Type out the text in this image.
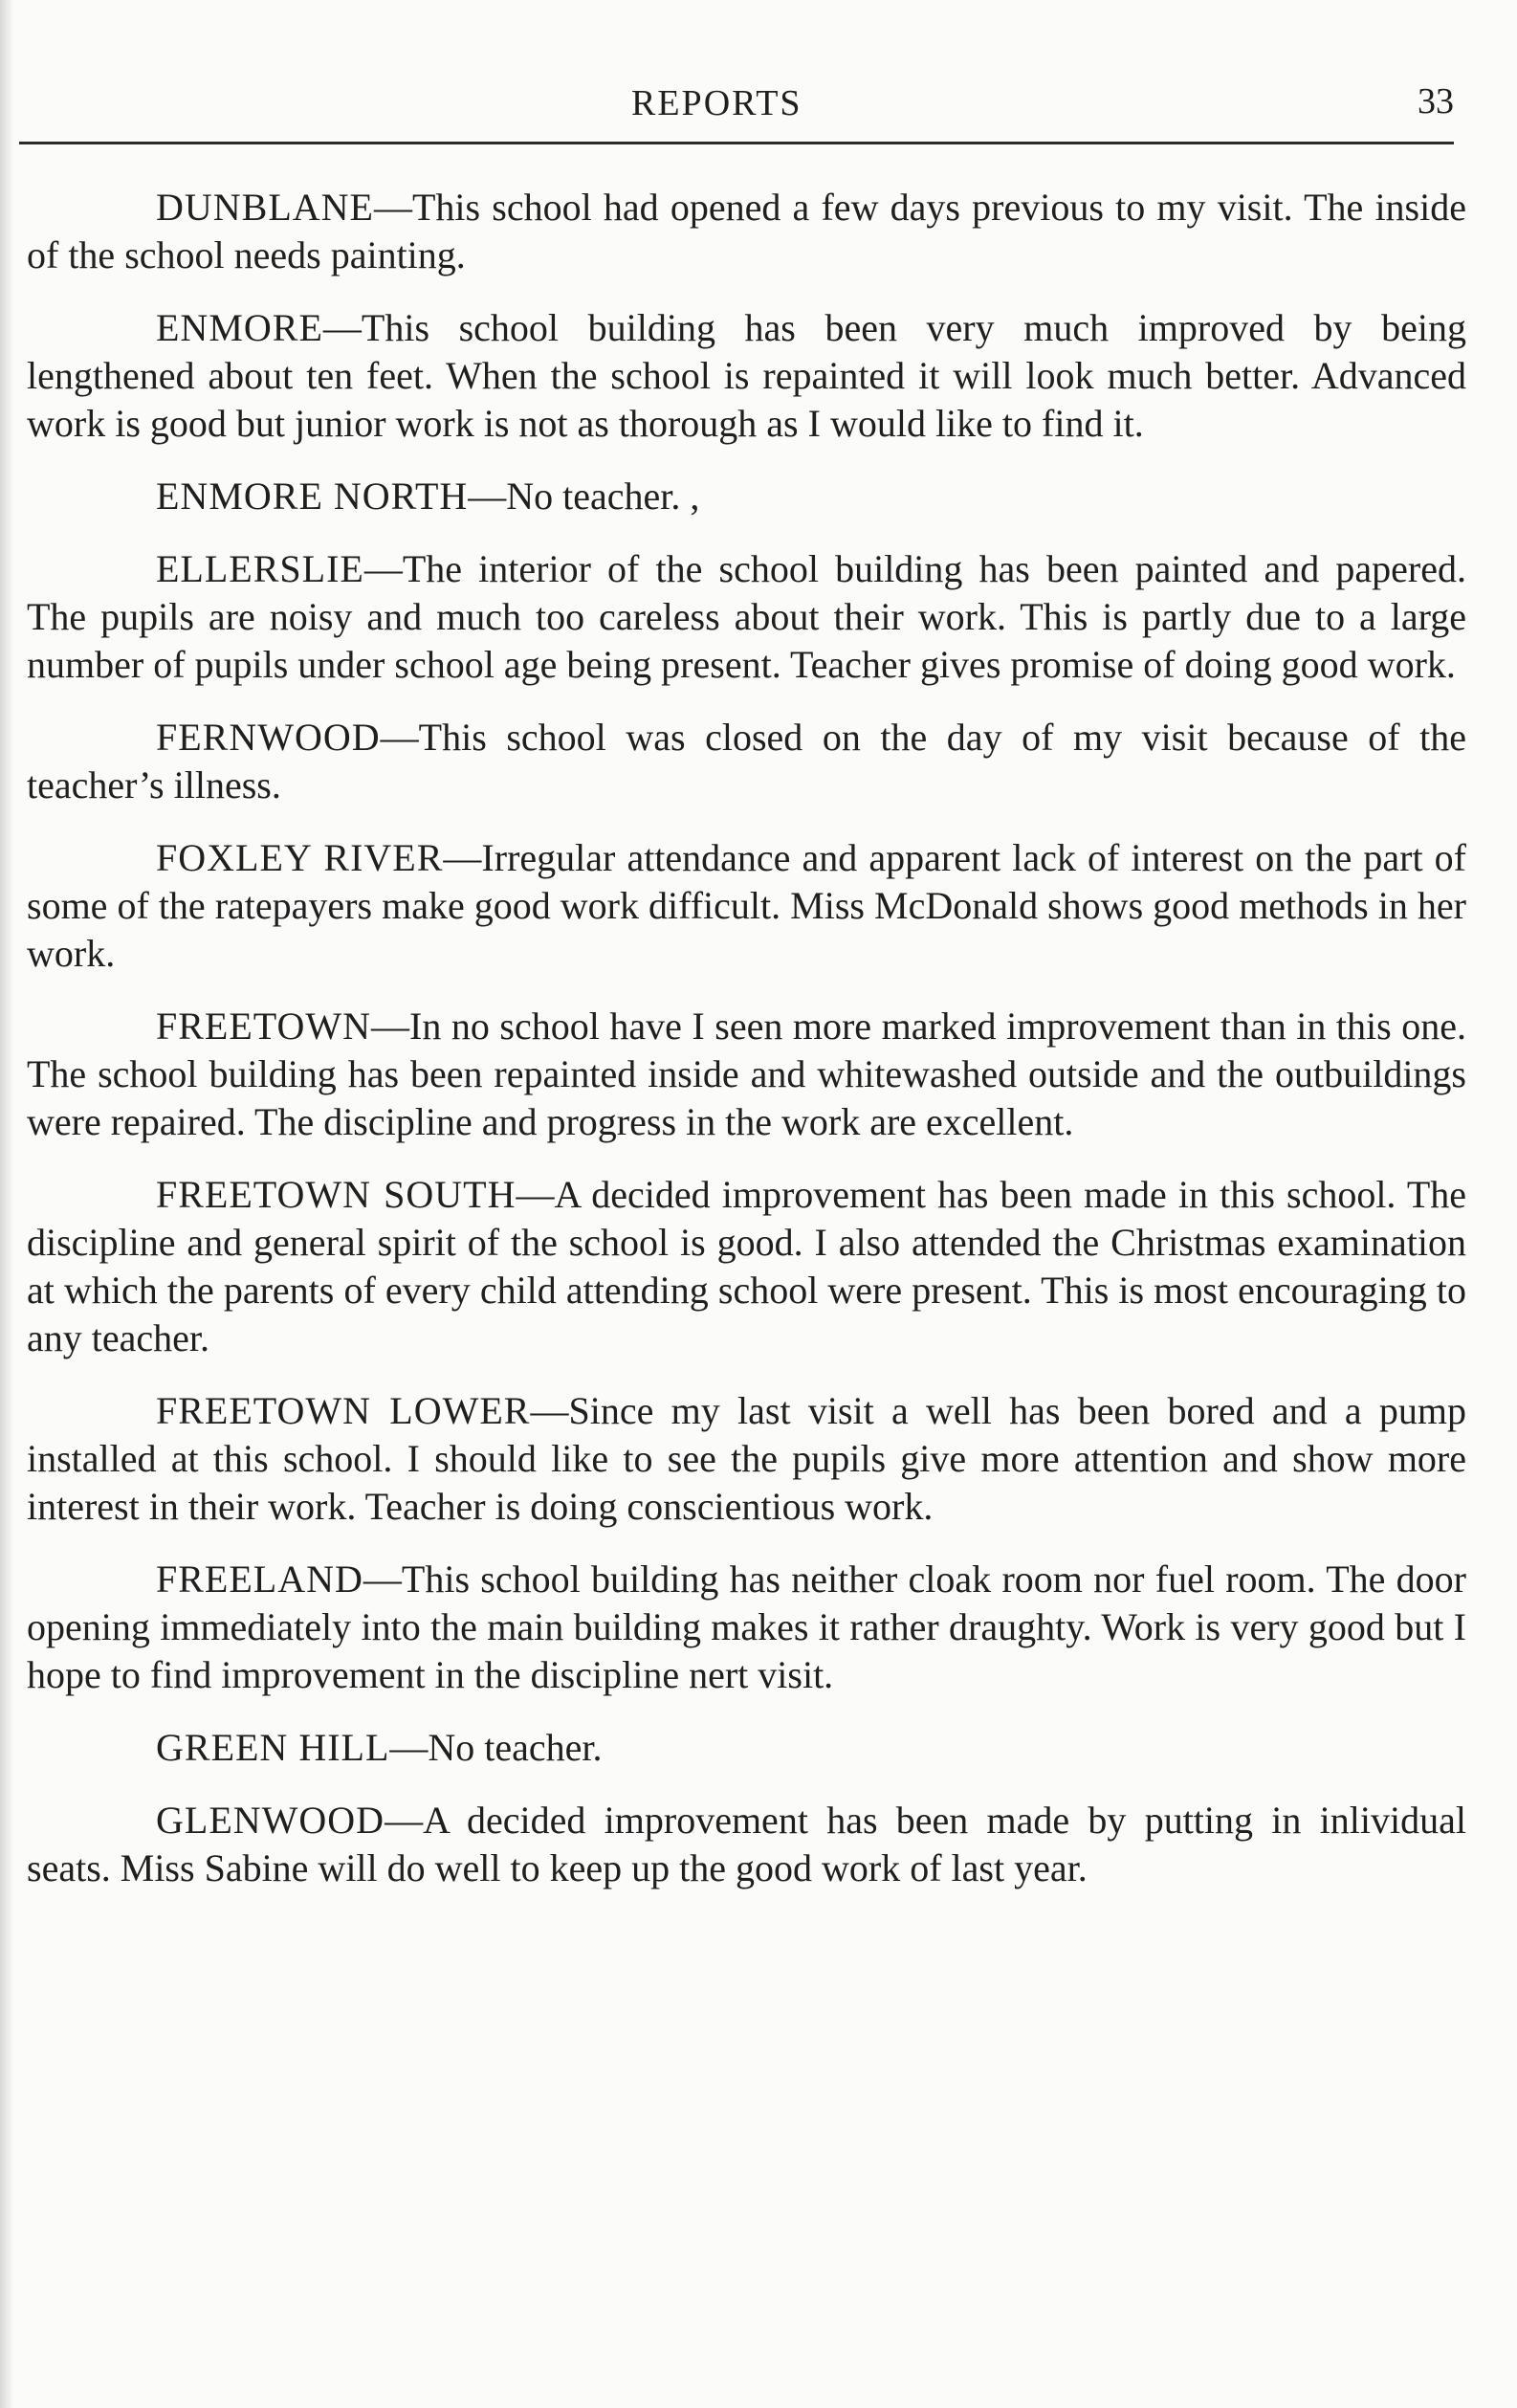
REPORTS	33

DUNBLANE—This school had opened a few days previous to my visit. The inside of the school needs painting.

ENMORE—This school building has been very much improved by being lengthened about ten feet. When the school is repainted it will look much better. Advanced work is good but junior work is not as thorough as I would like to find it.

ENMORE NORTH—No teacher. ,

ELLERSLIE—The interior of the school building has been painted and papered. The pupils are noisy and much too careless about their work. This is partly due to a large number of pupils under school age being present. Teacher gives promise of doing good work.

FERNWOOD—This school was closed on the day of my visit because of the teacher’s illness.

FOXLEY RIVER—Irregular attendance and apparent lack of interest on the part of some of the ratepayers make good work difficult. Miss McDonald shows good methods in her work.

FREETOWN—In no school have I seen more marked improvement than in this one. The school building has been repainted inside and whitewashed outside and the outbuildings were repaired. The discipline and progress in the work are excellent.

FREETOWN SOUTH—A decided improvement has been made in this school. The discipline and general spirit of the school is good. I also attended the Christmas examination at which the parents of every child attending school were present. This is most encouraging to any teacher.

FREETOWN LOWER—Since my last visit a well has been bored and a pump installed at this school. I should like to see the pupils give more attention and show more interest in their work. Teacher is doing conscientious work.

FREELAND—This school building has neither cloak room nor fuel room. The door opening immediately into the main building makes it rather draughty. Work is very good but I hope to find improvement in the discipline nert visit.

GREEN HILL—No teacher.

GLENWOOD—A decided improvement has been made by putting in inlividual seats. Miss Sabine will do well to keep up the good work of last year.
